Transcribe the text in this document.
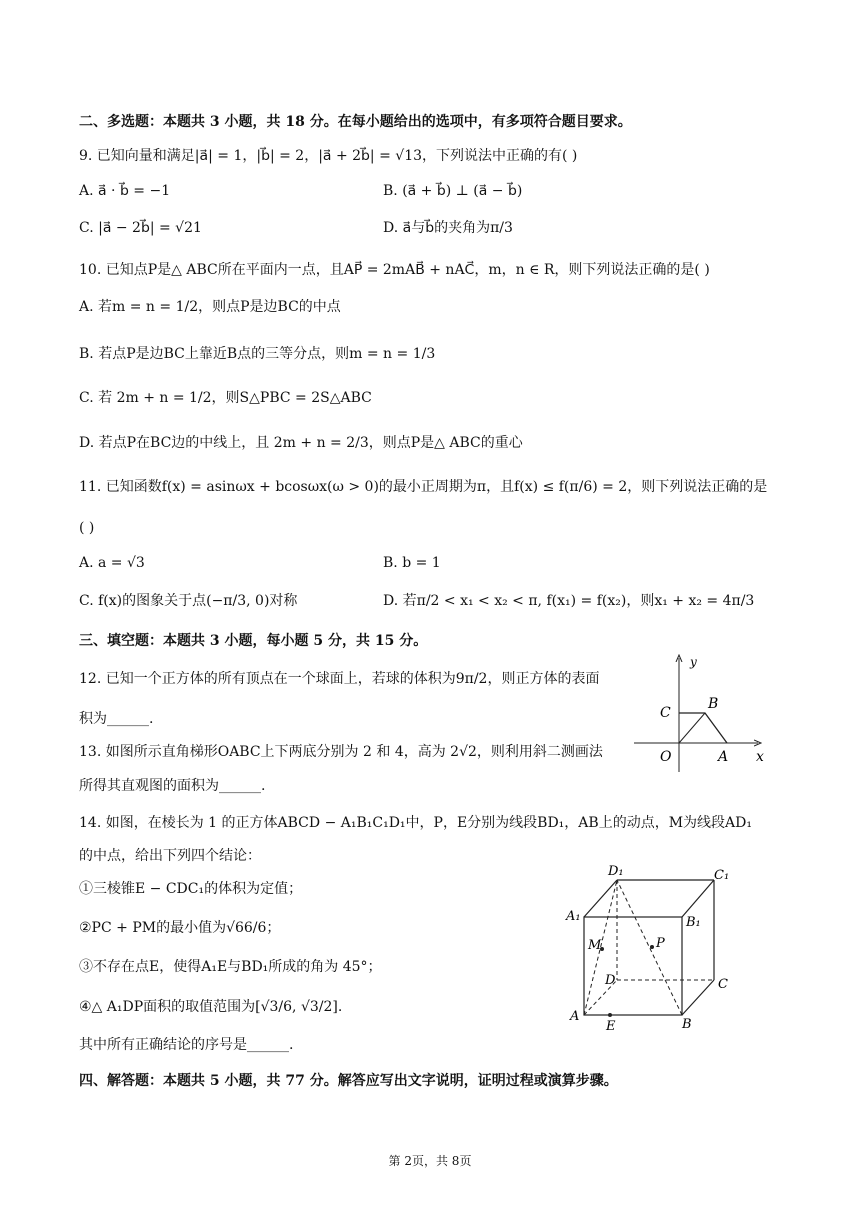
二、多选题：本题共 3 小题，共 18 分。在每小题给出的选项中，有多项符合题目要求。
9. 已知向量和满足|a⃗| = 1，|b⃗| = 2，|a⃗ + 2b⃗| = √13，下列说法中正确的有( )
A. a⃗ · b⃗ = −1	B. (a⃗ + b⃗) ⊥ (a⃗ − b⃗)
C. |a⃗ − 2b⃗| = √21	D. a⃗与b⃗的夹角为π/3
10. 已知点P是△ ABC所在平面内一点，且AP⃗ = 2mAB⃗ + nAC⃗，m，n ∈ R，则下列说法正确的是( )
A. 若m = n = 1/2，则点P是边BC的中点
B. 若点P是边BC上靠近B点的三等分点，则m = n = 1/3
C. 若 2m + n = 1/2，则S△PBC = 2S△ABC
D. 若点P在BC边的中线上，且 2m + n = 2/3，则点P是△ ABC的重心
11. 已知函数f(x) = asinωx + bcosωx(ω > 0)的最小正周期为π，且f(x) ≤ f(π/6) = 2，则下列说法正确的是
( )
A. a = √3	B. b = 1
C. f(x)的图象关于点(−π/3, 0)对称	D. 若π/2 < x₁ < x₂ < π, f(x₁) = f(x₂)，则x₁ + x₂ = 4π/3
三、填空题：本题共 3 小题，每小题 5 分，共 15 分。
12. 已知一个正方体的所有顶点在一个球面上，若球的体积为9π/2，则正方体的表面
积为______.
13. 如图所示直角梯形OABC上下两底分别为 2 和 4，高为 2√2，则利用斜二测画法
所得其直观图的面积为______.
14. 如图，在棱长为 1 的正方体ABCD − A₁B₁C₁D₁中，P，E分别为线段BD₁，AB上的动点，M为线段AD₁
的中点，给出下列四个结论：
①三棱锥E − CDC₁的体积为定值；
②PC + PM的最小值为√66/6；
③不存在点E，使得A₁E与BD₁所成的角为 45°；
④△ A₁DP面积的取值范围为[√3/6, √3/2].
其中所有正确结论的序号是______.
四、解答题：本题共 5 小题，共 77 分。解答应写出文字说明，证明过程或演算步骤。
y
x
O	A
B
C
D₁	C₁
A₁	B₁
M	P
D	C
A
E	B
第 2页，共 8页
